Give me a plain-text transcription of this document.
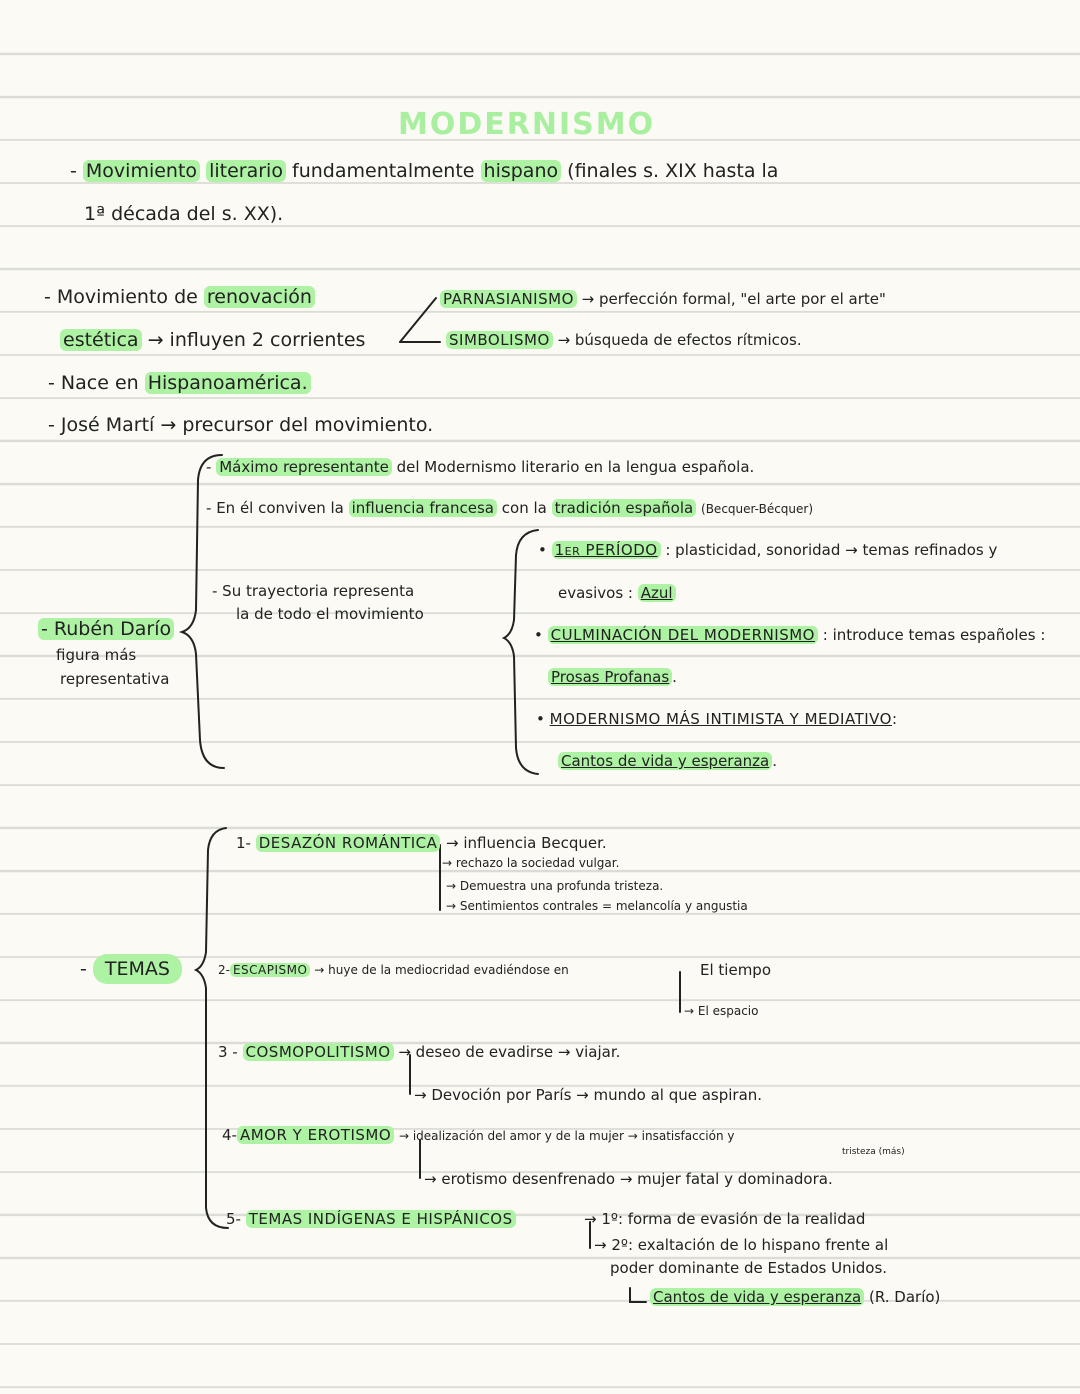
MODERNISMO
- Movimiento literario fundamentalmente hispano (finales s. XIX hasta la
1ª década del s. XX).
- Movimiento de renovación
estética → influyen 2 corrientes
PARNASIANISMO → perfección formal, "el arte por el arte"
SIMBOLISMO → búsqueda de efectos rítmicos.
- Nace en Hispanoamérica.
- José Martí → precursor del movimiento.
- Rubén Darío
figura más
representativa
- Máximo representante del Modernismo literario en la lengua española.
- En él conviven la influencia francesa con la tradición española (Becquer-Bécquer)
- Su trayectoria representa
la de todo el movimiento
• 1er PERÍODO : plasticidad, sonoridad → temas refinados y
evasivos : Azul
• CULMINACIÓN DEL MODERNISMO : introduce temas españoles :
Prosas Profanas .
• MODERNISMO MÁS INTIMISTA Y MEDIATIVO:
Cantos de vida y esperanza .
- TEMAS
1- DESAZÓN ROMÁNTICA → influencia Becquer.
→ rechazo la sociedad vulgar.
→ Demuestra una profunda tristeza.
→ Sentimientos contrales = melancolía y angustia
2- ESCAPISMO → huye de la mediocridad evadiéndose en	El tiempo
→ El espacio
3 - COSMOPOLITISMO → deseo de evadirse → viajar.
→ Devoción por París → mundo al que aspiran.
4- AMOR Y EROTISMO → idealización del amor y de la mujer → insatisfacción y
tristeza (más)
→ erotismo desenfrenado → mujer fatal y dominadora.
5- TEMAS INDÍGENAS E HISPÁNICOS	→ 1º: forma de evasión de la realidad
→ 2º: exaltación de lo hispano frente al
poder dominante de Estados Unidos.
Cantos de vida y esperanza (R. Darío)
